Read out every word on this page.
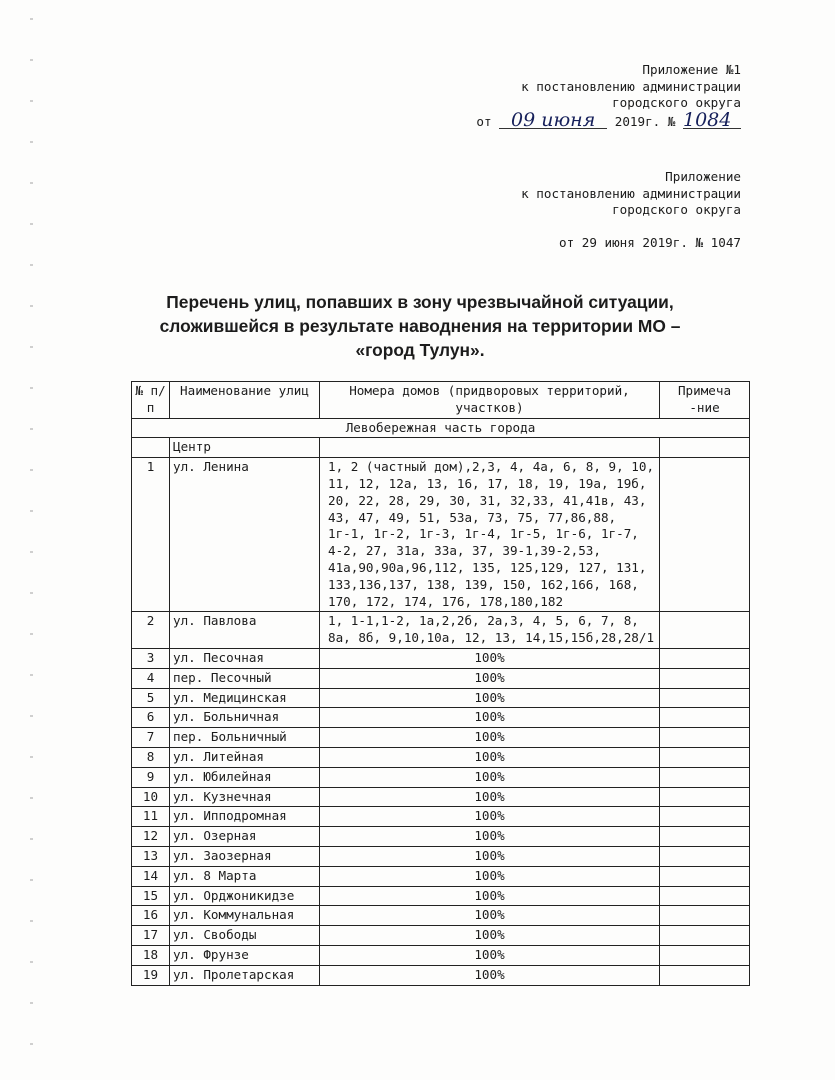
Приложение №1
к постановлению администрации
городского округа
от 09 июня 2019г. № 1084
Приложение
к постановлению администрации
городского округа

от 29 июня 2019г. № 1047
Перечень улиц, попавших в зону чрезвычайной ситуации,
сложившейся в результате наводнения на территории МО –
«город Тулун».
№ п/ п	Наименование улиц	Номера домов (придворовых территорий, участков)	Примеча -ние
Левобережная часть города			
	Центр		
1	ул. Ленина	1, 2 (частный дом),2,3, 4, 4а, 6, 8, 9, 10, 11, 12, 12а, 13, 16, 17, 18, 19, 19а, 19б, 20, 22, 28, 29, 30, 31, 32,33, 41,41в, 43, 43, 47, 49, 51, 53а, 73, 75, 77,86,88, 1г-1, 1г-2, 1г-3, 1г-4, 1г-5, 1г-6, 1г-7, 4-2, 27, 31а, 33а, 37, 39-1,39-2,53, 41а,90,90а,96,112, 135, 125,129, 127, 131, 133,136,137, 138, 139, 150, 162,166, 168, 170, 172, 174, 176, 178,180,182	
2	ул. Павлова	1, 1-1,1-2, 1а,2,2б, 2а,3, 4, 5, 6, 7, 8, 8а, 8б, 9,10,10а, 12, 13, 14,15,15б,28,28/1	
3	ул. Песочная	100%	
4	пер. Песочный	100%	
5	ул. Медицинская	100%	
6	ул. Больничная	100%	
7	пер. Больничный	100%	
8	ул. Литейная	100%	
9	ул. Юбилейная	100%	
10	ул. Кузнечная	100%	
11	ул. Ипподромная	100%	
12	ул. Озерная	100%	
13	ул. Заозерная	100%	
14	ул. 8 Марта	100%	
15	ул. Орджоникидзе	100%	
16	ул. Коммунальная	100%	
17	ул. Свободы	100%	
18	ул. Фрунзе	100%	
19	ул. Пролетарская	100%	
